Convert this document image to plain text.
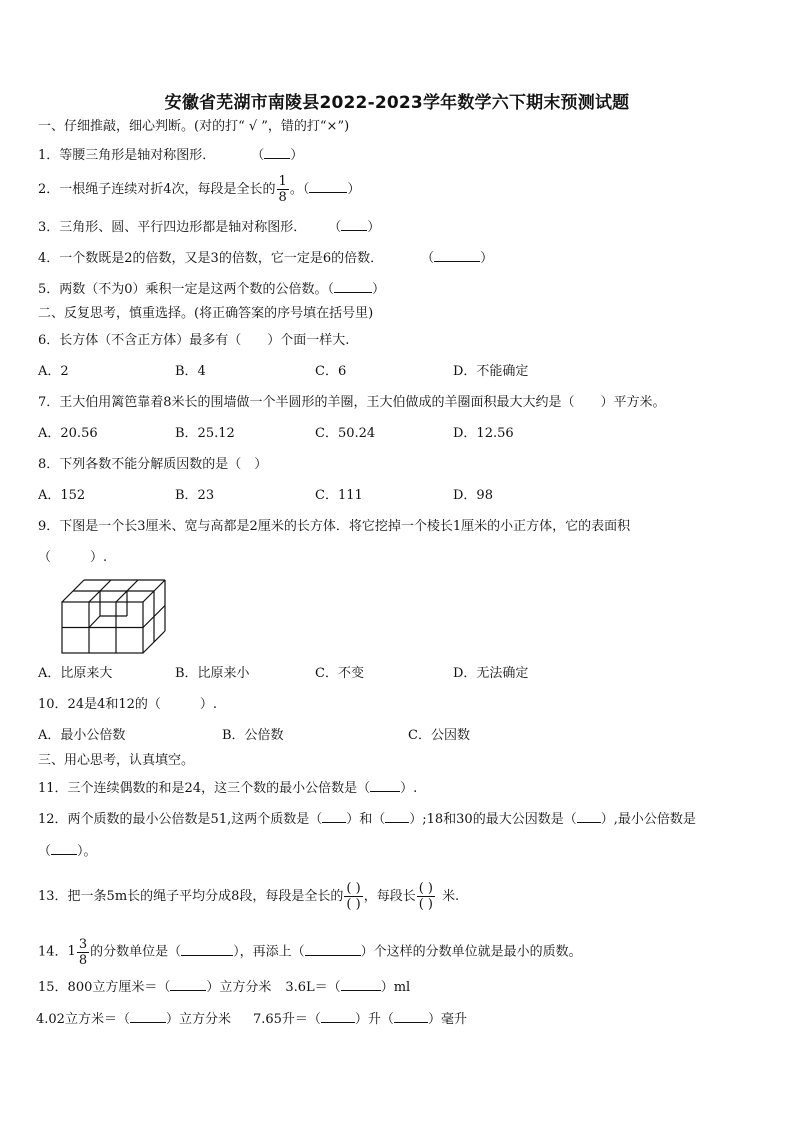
安徽省芜湖市南陵县2022-2023学年数学六下期末预测试题
一、仔细推敲，细心判断。(对的打“ √ ”，错的打“×”)
1．等腰三角形是轴对称图形．	（ ）
2．一根绳子连续对折4次，每段是全长的 $\frac{1}{8}$ 。（	）
3．三角形、圆、平行四边形都是轴对称图形． （ ）
4．一个数既是2的倍数，又是3的倍数，它一定是6的倍数．	（	）
5．两数（不为0）乘积一定是这两个数的公倍数。（	）
二、反复思考，慎重选择。(将正确答案的序号填在括号里)
6．长方体（不含正方体）最多有（　　）个面一样大.
A．2	B．4	C．6	D．不能确定
7．王大伯用篱笆靠着8米长的围墙做一个半圆形的羊圈，王大伯做成的羊圈面积最大大约是（　　）平方米。
A．20.56	B．25.12	C．50.24	D．12.56
8．下列各数不能分解质因数的是（　）
A．152	B．23	C．111	D．98
9．下图是一个长3厘米、宽与高都是2厘米的长方体．将它挖掉一个棱长1厘米的小正方体，它的表面积
（　　　）.
A．比原来大	B．比原来小	C．不变	D．无法确定
10．24是4和12的（　　　）.
A．最小公倍数	B．公倍数	C．公因数
三、用心思考，认真填空。
11．三个连续偶数的和是24，这三个数的最小公倍数是（ ）.
12．两个质数的最小公倍数是51,这两个质数是（ ）和（ ）;18和30的最大公因数是（ ）,最小公倍数是
（ ）。
13．把一条5m长的绳子平均分成8段，每段是全长的 $\frac{( )}{( )}$ ，每段长 $\frac{( )}{( )}$ 米.
14． $1 \frac{3}{8}$ 的分数单位是（	），再添上（	）个这样的分数单位就是最小的质数。
15．800立方厘米＝（	）立方分米 3.6L＝（	）ml
4.02立方米＝（	）立方分米 7.65升＝（	）升（	）毫升
